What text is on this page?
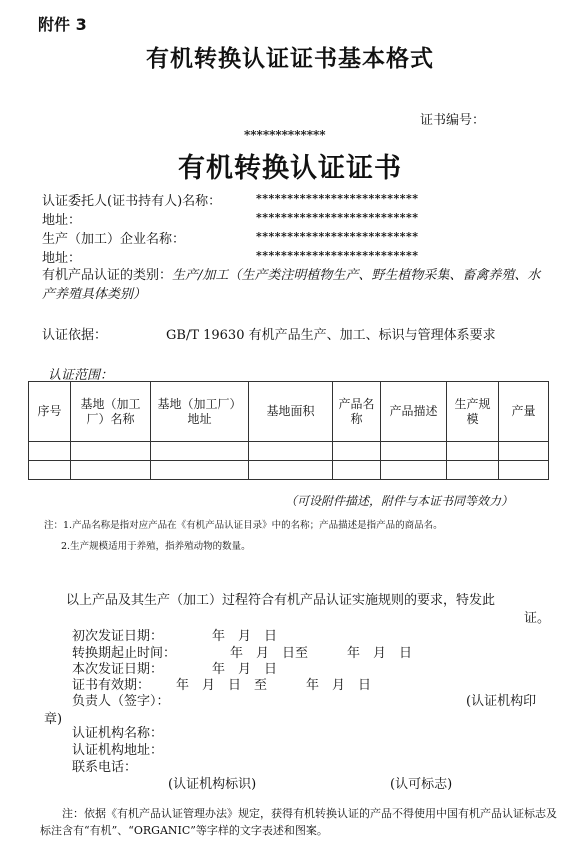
附件 3
有机转换认证证书基本格式
证书编号：
*************
有机转换认证证书
认证委托人(证书持有人)名称：	**************************
地址：	**************************
生产（加工）企业名称：	**************************
地址：	**************************
有机产品认证的类别：生产/加工（生产类注明植物生产、野生植物采集、畜禽养殖、水产养殖具体类别）
认证依据：	GB/T 19630 有机产品生产、加工、标识与管理体系要求
认证范围：
序号	基地（加工厂）名称	基地（加工厂）地址	基地面积	产品名称	产品描述	生产规模	产量

（可设附件描述，附件与本证书同等效力）
注：1.产品名称是指对应产品在《有机产品认证目录》中的名称；产品描述是指产品的商品名。
2.生产规模适用于养殖，指养殖动物的数量。
以上产品及其生产（加工）过程符合有机产品认证实施规则的要求，特发此
证。
初次发证日期：	年　月　日
转换期起止时间：	年　月　日至　　　年　月　日
本次发证日期：	年　月　日
证书有效期： 年　月　日　至　　　年　月　日
负责人（签字）：	(认证机构印
章)
认证机构名称：
认证机构地址：
联系电话：
(认证机构标识)	(认可标志)
注：依据《有机产品认证管理办法》规定，获得有机转换认证的产品不得使用中国有机产品认证标志及标注含有“有机”、“ORGANIC”等字样的文字表述和图案。
